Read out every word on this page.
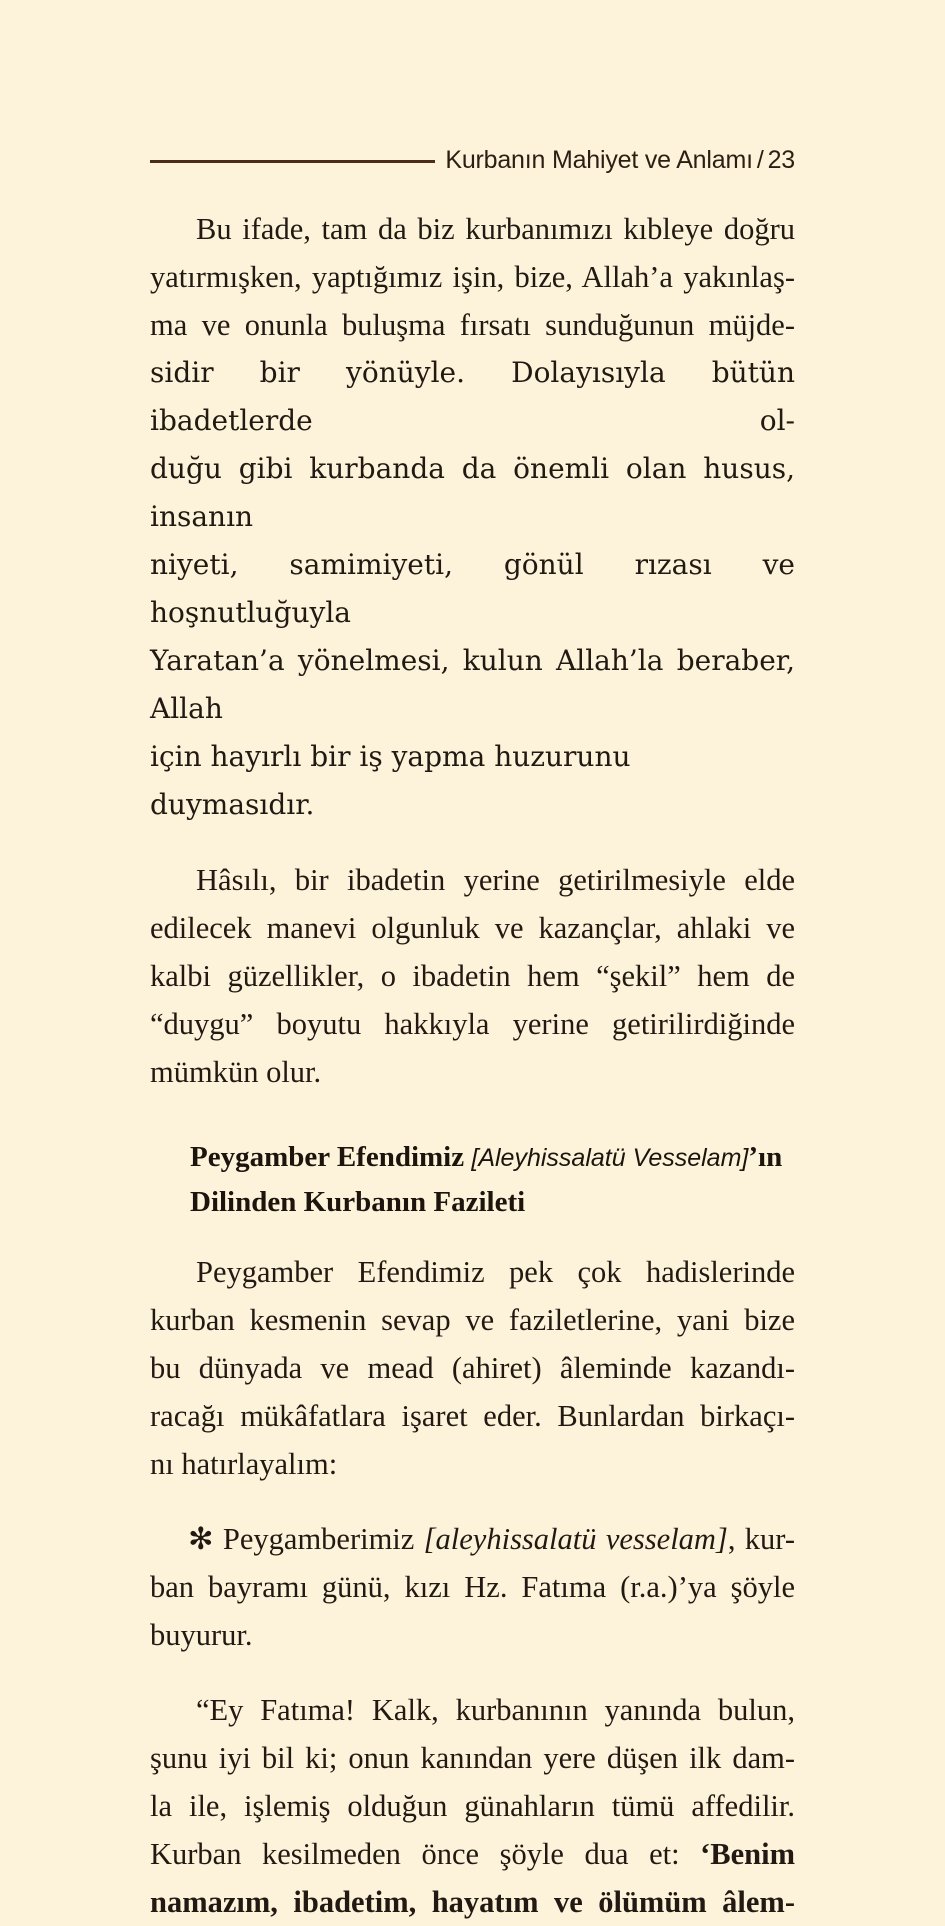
Kurbanın Mahiyet ve Anlamı / 23
Bu ifade, tam da biz kurbanımızı kıbleye doğru
yatırmışken, yaptığımız işin, bize, Allah’a yakınlaş-
ma ve onunla buluşma fırsatı sunduğunun müjde-
sidir bir yönüyle. Dolayısıyla bütün ibadetlerde ol-
duğu gibi kurbanda da önemli olan husus, insanın
niyeti, samimiyeti, gönül rızası ve hoşnutluğuyla
Yaratan’a yönelmesi, kulun Allah’la beraber, Allah
için hayırlı bir iş yapma huzurunu duymasıdır.
Hâsılı, bir ibadetin yerine getirilmesiyle elde
edilecek manevi olgunluk ve kazançlar, ahlaki ve
kalbi güzellikler, o ibadetin hem “şekil” hem de
“duygu” boyutu hakkıyla yerine getirilirdiğinde
mümkün olur.
Peygamber Efendimiz [Aleyhissalatü Vesselam]’ın
Dilinden Kurbanın Fazileti
Peygamber Efendimiz pek çok hadislerinde
kurban kesmenin sevap ve faziletlerine, yani bize
bu dünyada ve mead (ahiret) âleminde kazandı-
racağı mükâfatlara işaret eder. Bunlardan birkaçı-
nı hatırlayalım:
✻ Peygamberimiz [aleyhissalatü vesselam], kur-
ban bayramı günü, kızı Hz. Fatıma (r.a.)’ya şöyle
buyurur.
“Ey Fatıma! Kalk, kurbanının yanında bulun,
şunu iyi bil ki; onun kanından yere düşen ilk dam-
la ile, işlemiş olduğun günahların tümü affedilir.
Kurban kesilmeden önce şöyle dua et: ‘Benim
namazım, ibadetim, hayatım ve ölümüm âlem-
